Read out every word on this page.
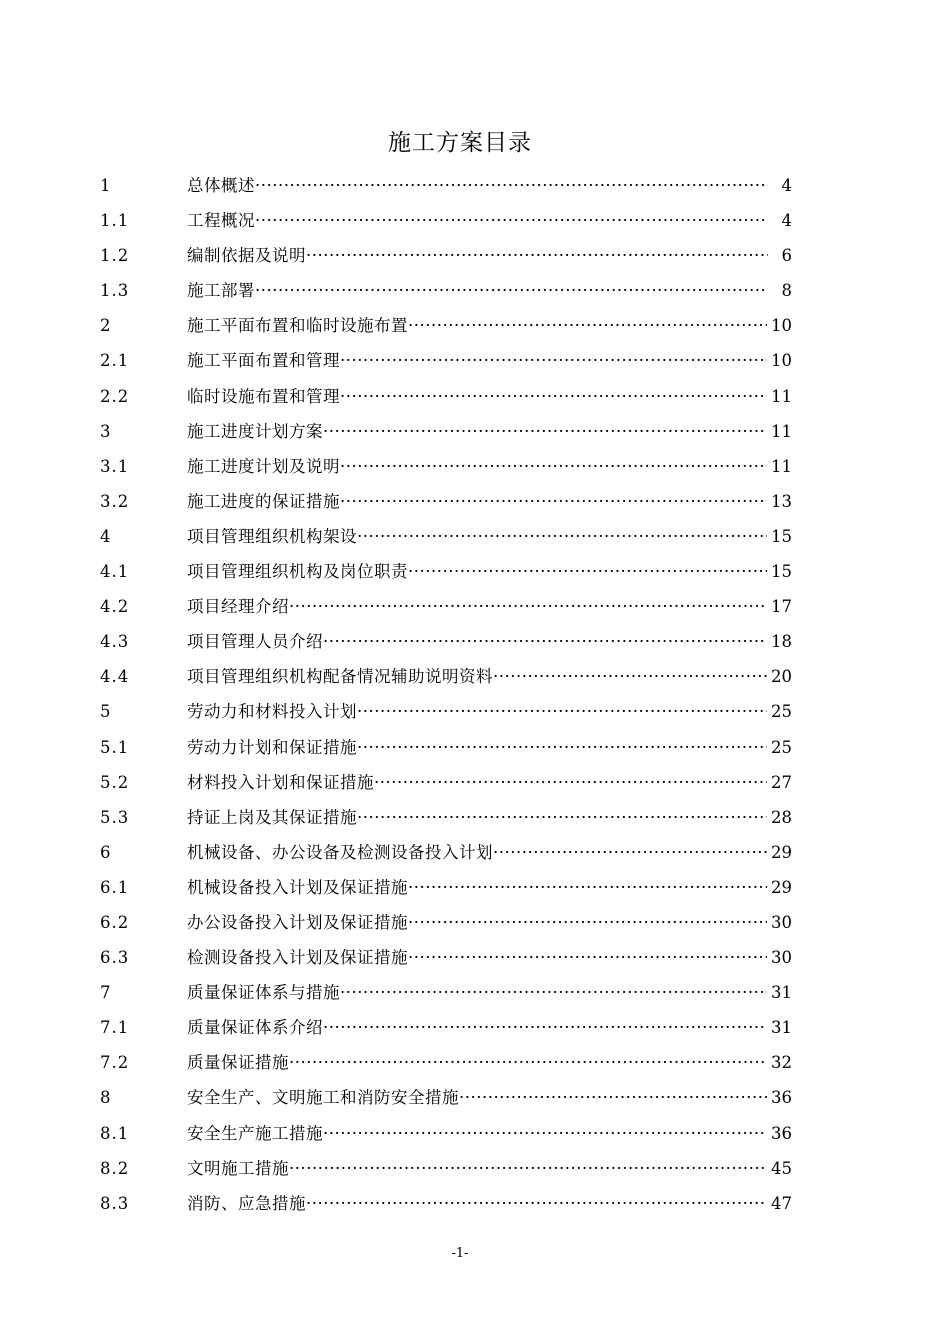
施工方案目录
1	总体概述 ·····	4
1.1	工程概况 ·····	4
1.2	编制依据及说明 ·····	6
1.3	施工部署 ·····	8
2	施工平面布置和临时设施布置 ·····	10
2.1	施工平面布置和管理 ·····	10
2.2	临时设施布置和管理 ·····	11
3	施工进度计划方案 ·····	11
3.1	施工进度计划及说明 ·····	11
3.2	施工进度的保证措施 ·····	13
4	项目管理组织机构架设 ·····	15
4.1	项目管理组织机构及岗位职责 ·····	15
4.2	项目经理介绍 ·····	17
4.3	项目管理人员介绍 ·····	18
4.4	项目管理组织机构配备情况辅助说明资料 ·····	20
5	劳动力和材料投入计划 ·····	25
5.1	劳动力计划和保证措施 ·····	25
5.2	材料投入计划和保证措施 ·····	27
5.3	持证上岗及其保证措施 ·····	28
6	机械设备、办公设备及检测设备投入计划 ·····	29
6.1	机械设备投入计划及保证措施 ·····	29
6.2	办公设备投入计划及保证措施 ·····	30
6.3	检测设备投入计划及保证措施 ·····	30
7	质量保证体系与措施 ·····	31
7.1	质量保证体系介绍 ·····	31
7.2	质量保证措施 ·····	32
8	安全生产、文明施工和消防安全措施 ·····	36
8.1	安全生产施工措施 ·····	36
8.2	文明施工措施 ·····	45
8.3	消防、应急措施 ·····	47
-1-
